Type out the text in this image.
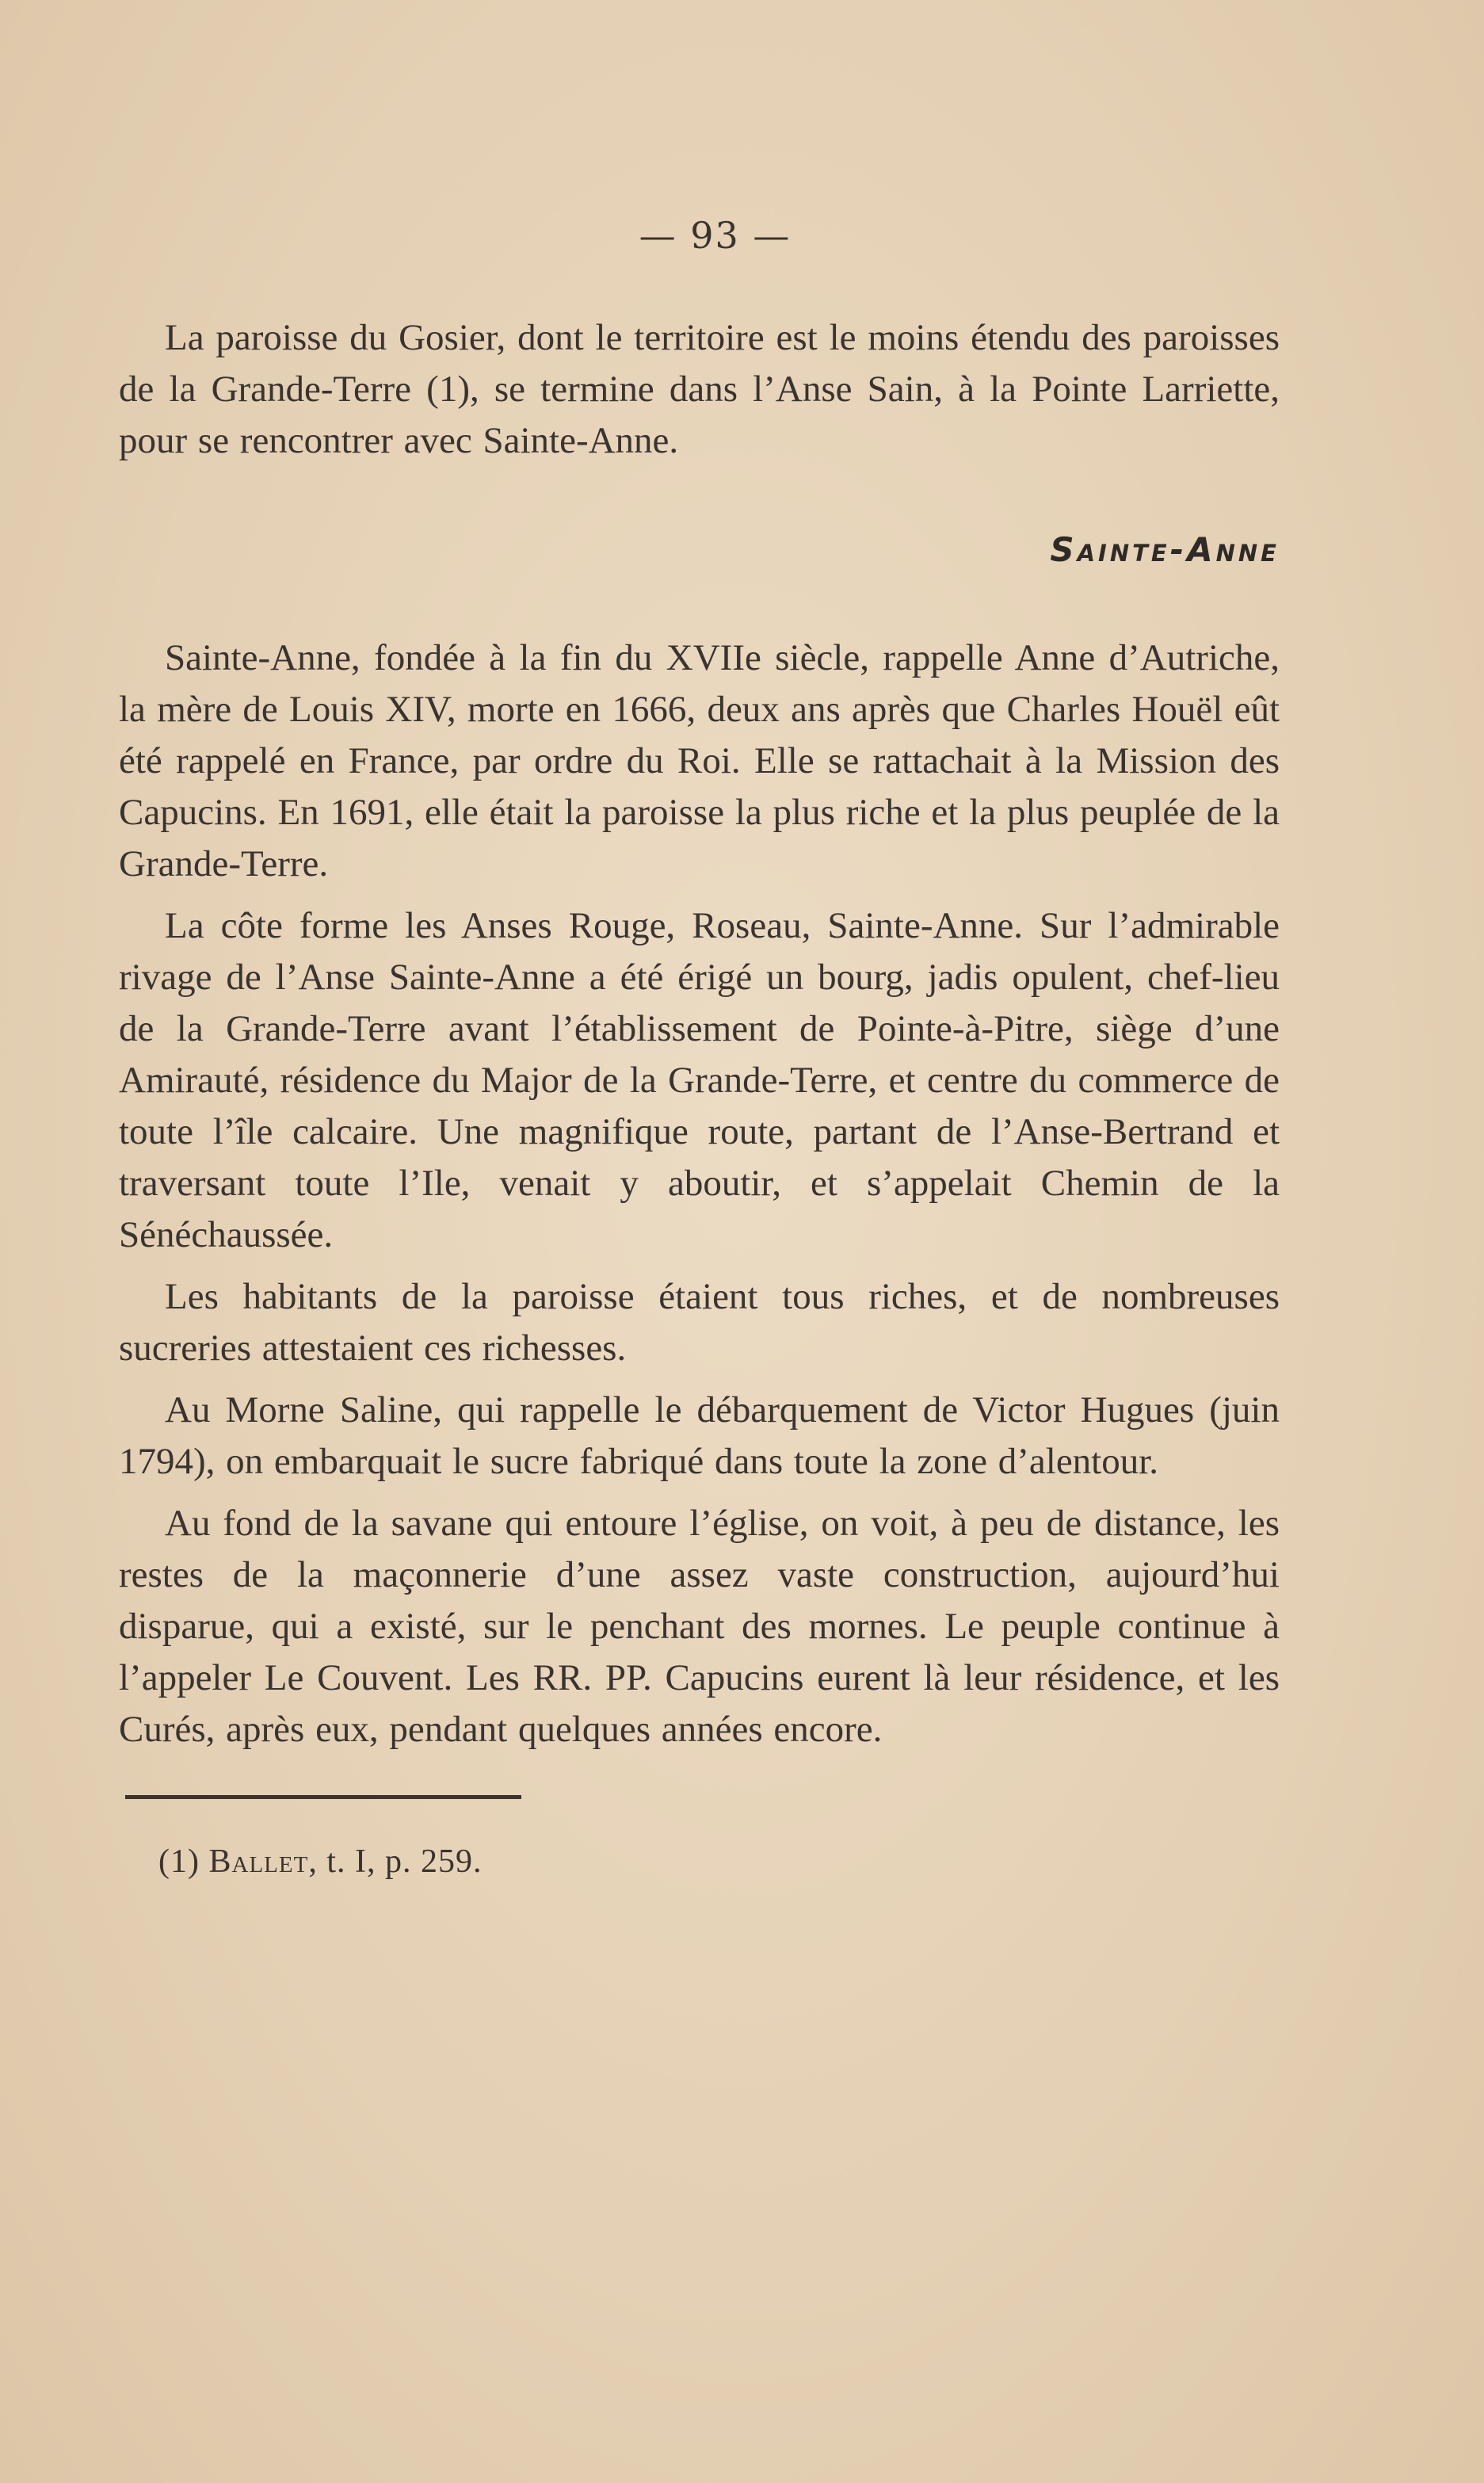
— 93 —

La paroisse du Gosier, dont le territoire est le moins étendu des paroisses de la Grande-Terre (1), se termine dans l’Anse Sain, à la Pointe Larriette, pour se rencontrer avec Sainte-Anne.

Sainte-Anne

Sainte-Anne, fondée à la fin du XVIIe siècle, rappelle Anne d’Autriche, la mère de Louis XIV, morte en 1666, deux ans après que Charles Houël eût été rappelé en France, par ordre du Roi. Elle se rattachait à la Mission des Capucins. En 1691, elle était la paroisse la plus riche et la plus peuplée de la Grande-Terre.

La côte forme les Anses Rouge, Roseau, Sainte-Anne. Sur l’admirable rivage de l’Anse Sainte-Anne a été érigé un bourg, jadis opulent, chef-lieu de la Grande-Terre avant l’établissement de Pointe-à-Pitre, siège d’une Amirauté, résidence du Major de la Grande-Terre, et centre du commerce de toute l’île calcaire. Une magnifique route, partant de l’Anse-Bertrand et traversant toute l’Ile, venait y aboutir, et s’appelait Chemin de la Sénéchaussée.

Les habitants de la paroisse étaient tous riches, et de nombreuses sucreries attestaient ces richesses.

Au Morne Saline, qui rappelle le débarquement de Victor Hugues (juin 1794), on embarquait le sucre fabriqué dans toute la zone d’alentour.

Au fond de la savane qui entoure l’église, on voit, à peu de distance, les restes de la maçonnerie d’une assez vaste construction, aujourd’hui disparue, qui a existé, sur le penchant des mornes. Le peuple continue à l’appeler Le Couvent. Les RR. PP. Capucins eurent là leur résidence, et les Curés, après eux, pendant quelques années encore.

(1) Ballet, t. I, p. 259.
